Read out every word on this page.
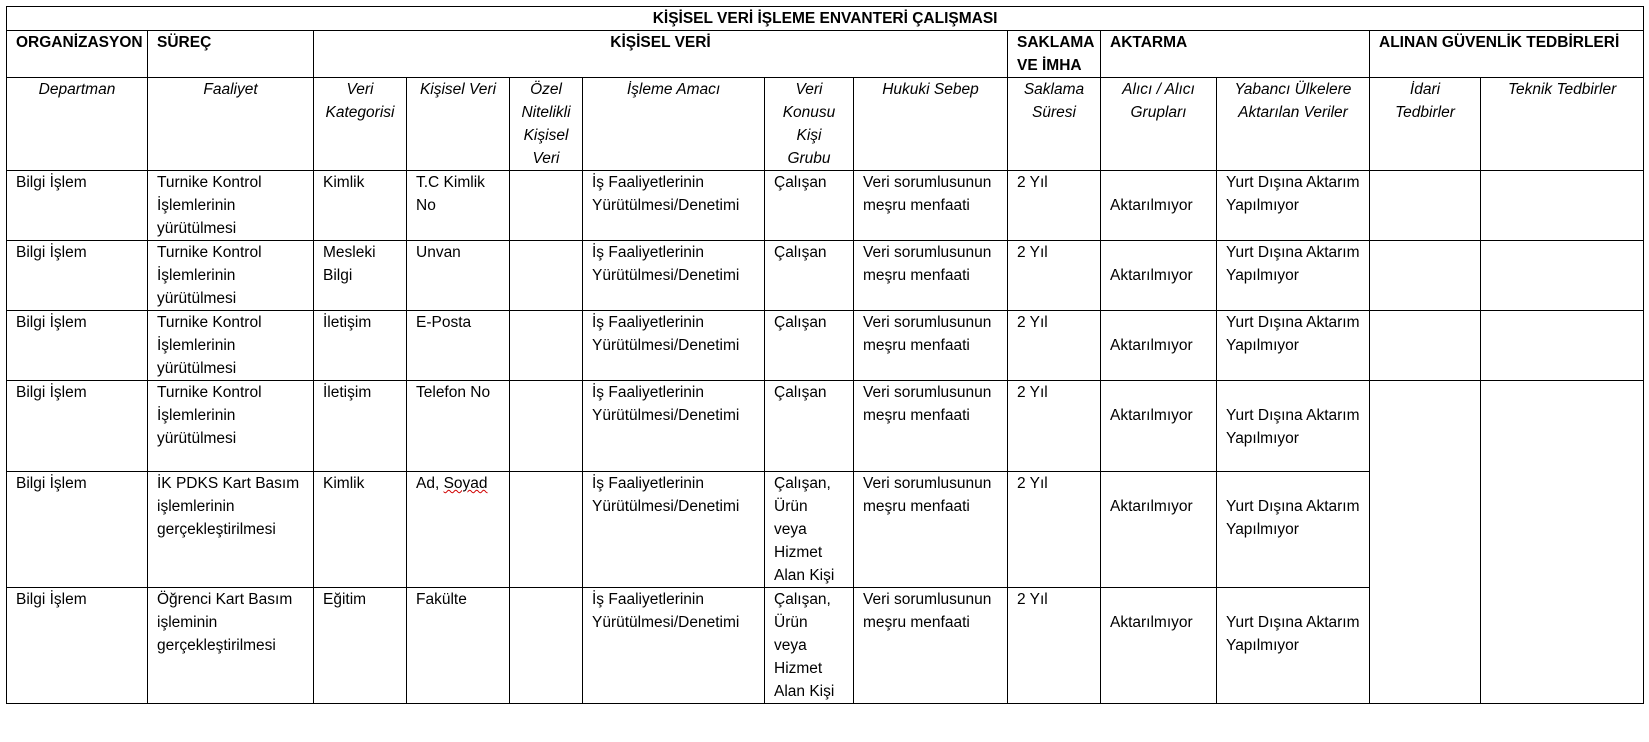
KİŞİSEL VERİ İŞLEME ENVANTERİ ÇALIŞMASI												
ORGANİZASYON	SÜREÇ	KİŞİSEL VERİ						SAKLAMA VE İMHA	AKTARMA		ALINAN GÜVENLİK TEDBİRLERİ	
Departman	Faaliyet	Veri Kategorisi	Kişisel Veri	Özel Nitelikli Kişisel Veri	İşleme Amacı	Veri Konusu Kişi Grubu	Hukuki Sebep	Saklama Süresi	Alıcı / Alıcı Grupları	Yabancı Ülkelere Aktarılan Veriler	İdari Tedbirler	Teknik Tedbirler
Bilgi İşlem	Turnike Kontrol İşlemlerinin yürütülmesi	Kimlik	T.C Kimlik No		İş Faaliyetlerinin Yürütülmesi/Denetimi	Çalışan	Veri sorumlusunun meşru menfaati	2 Yıl	Aktarılmıyor	Yurt Dışına Aktarım Yapılmıyor		
Bilgi İşlem	Turnike Kontrol İşlemlerinin yürütülmesi	Mesleki Bilgi	Unvan		İş Faaliyetlerinin Yürütülmesi/Denetimi	Çalışan	Veri sorumlusunun meşru menfaati	2 Yıl	Aktarılmıyor	Yurt Dışına Aktarım Yapılmıyor		
Bilgi İşlem	Turnike Kontrol İşlemlerinin yürütülmesi	İletişim	E-Posta		İş Faaliyetlerinin Yürütülmesi/Denetimi	Çalışan	Veri sorumlusunun meşru menfaati	2 Yıl	Aktarılmıyor	Yurt Dışına Aktarım Yapılmıyor		
Bilgi İşlem	Turnike Kontrol İşlemlerinin yürütülmesi	İletişim	Telefon No		İş Faaliyetlerinin Yürütülmesi/Denetimi	Çalışan	Veri sorumlusunun meşru menfaati	2 Yıl	Aktarılmıyor	Yurt Dışına Aktarım Yapılmıyor		

Bilgi İşlem	İK PDKS Kart Basım işlemlerinin gerçekleştirilmesi	Kimlik	Ad, Soyad		İş Faaliyetlerinin Yürütülmesi/Denetimi	Çalışan, Ürün veya Hizmet Alan Kişi	Veri sorumlusunun meşru menfaati	2 Yıl	Aktarılmıyor	Yurt Dışına Aktarım Yapılmıyor		

Bilgi İşlem	Öğrenci Kart Basım işleminin gerçekleştirilmesi	Eğitim	Fakülte		İş Faaliyetlerinin Yürütülmesi/Denetimi	Çalışan, Ürün veya Hizmet Alan Kişi	Veri sorumlusunun meşru menfaati	2 Yıl	Aktarılmıyor	Yurt Dışına Aktarım Yapılmıyor		
